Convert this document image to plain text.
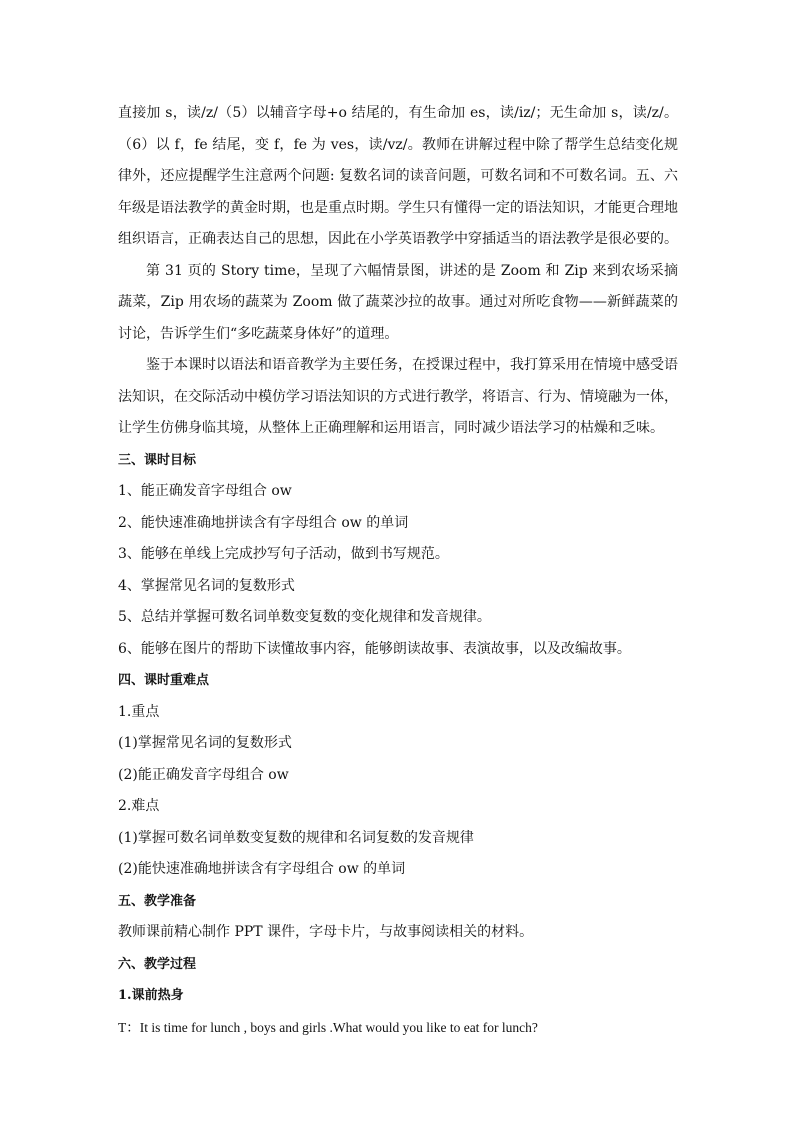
直接加 s，读/z/（5）以辅音字母+o 结尾的，有生命加 es，读/iz/；无生命加 s，读/z/。（6）以 f，fe 结尾，变 f，fe 为 ves，读/vz/。教师在讲解过程中除了帮学生总结变化规律外，还应提醒学生注意两个问题: 复数名词的读音问题，可数名词和不可数名词。五、六年级是语法教学的黄金时期，也是重点时期。学生只有懂得一定的语法知识，才能更合理地组织语言，正确表达自己的思想，因此在小学英语教学中穿插适当的语法教学是很必要的。

第 31 页的 Story time，呈现了六幅情景图，讲述的是 Zoom 和 Zip 来到农场采摘蔬菜，Zip 用农场的蔬菜为 Zoom 做了蔬菜沙拉的故事。通过对所吃食物——新鲜蔬菜的讨论，告诉学生们“多吃蔬菜身体好”的道理。

鉴于本课时以语法和语音教学为主要任务，在授课过程中，我打算采用在情境中感受语法知识，在交际活动中模仿学习语法知识的方式进行教学，将语言、行为、情境融为一体，让学生仿佛身临其境，从整体上正确理解和运用语言，同时减少语法学习的枯燥和乏味。

三、课时目标

1、能正确发音字母组合 ow

2、能快速准确地拼读含有字母组合 ow 的单词

3、能够在单线上完成抄写句子活动，做到书写规范。

4、掌握常见名词的复数形式

5、总结并掌握可数名词单数变复数的变化规律和发音规律。

6、能够在图片的帮助下读懂故事内容，能够朗读故事、表演故事，以及改编故事。

四、课时重难点

1.重点

(1)掌握常见名词的复数形式

(2)能正确发音字母组合 ow

2.难点

(1)掌握可数名词单数变复数的规律和名词复数的发音规律

(2)能快速准确地拼读含有字母组合 ow 的单词

五、教学准备

教师课前精心制作 PPT 课件，字母卡片，与故事阅读相关的材料。

六、教学过程

1.课前热身

T：It is time for lunch , boys and girls .What would you like to eat for lunch?
